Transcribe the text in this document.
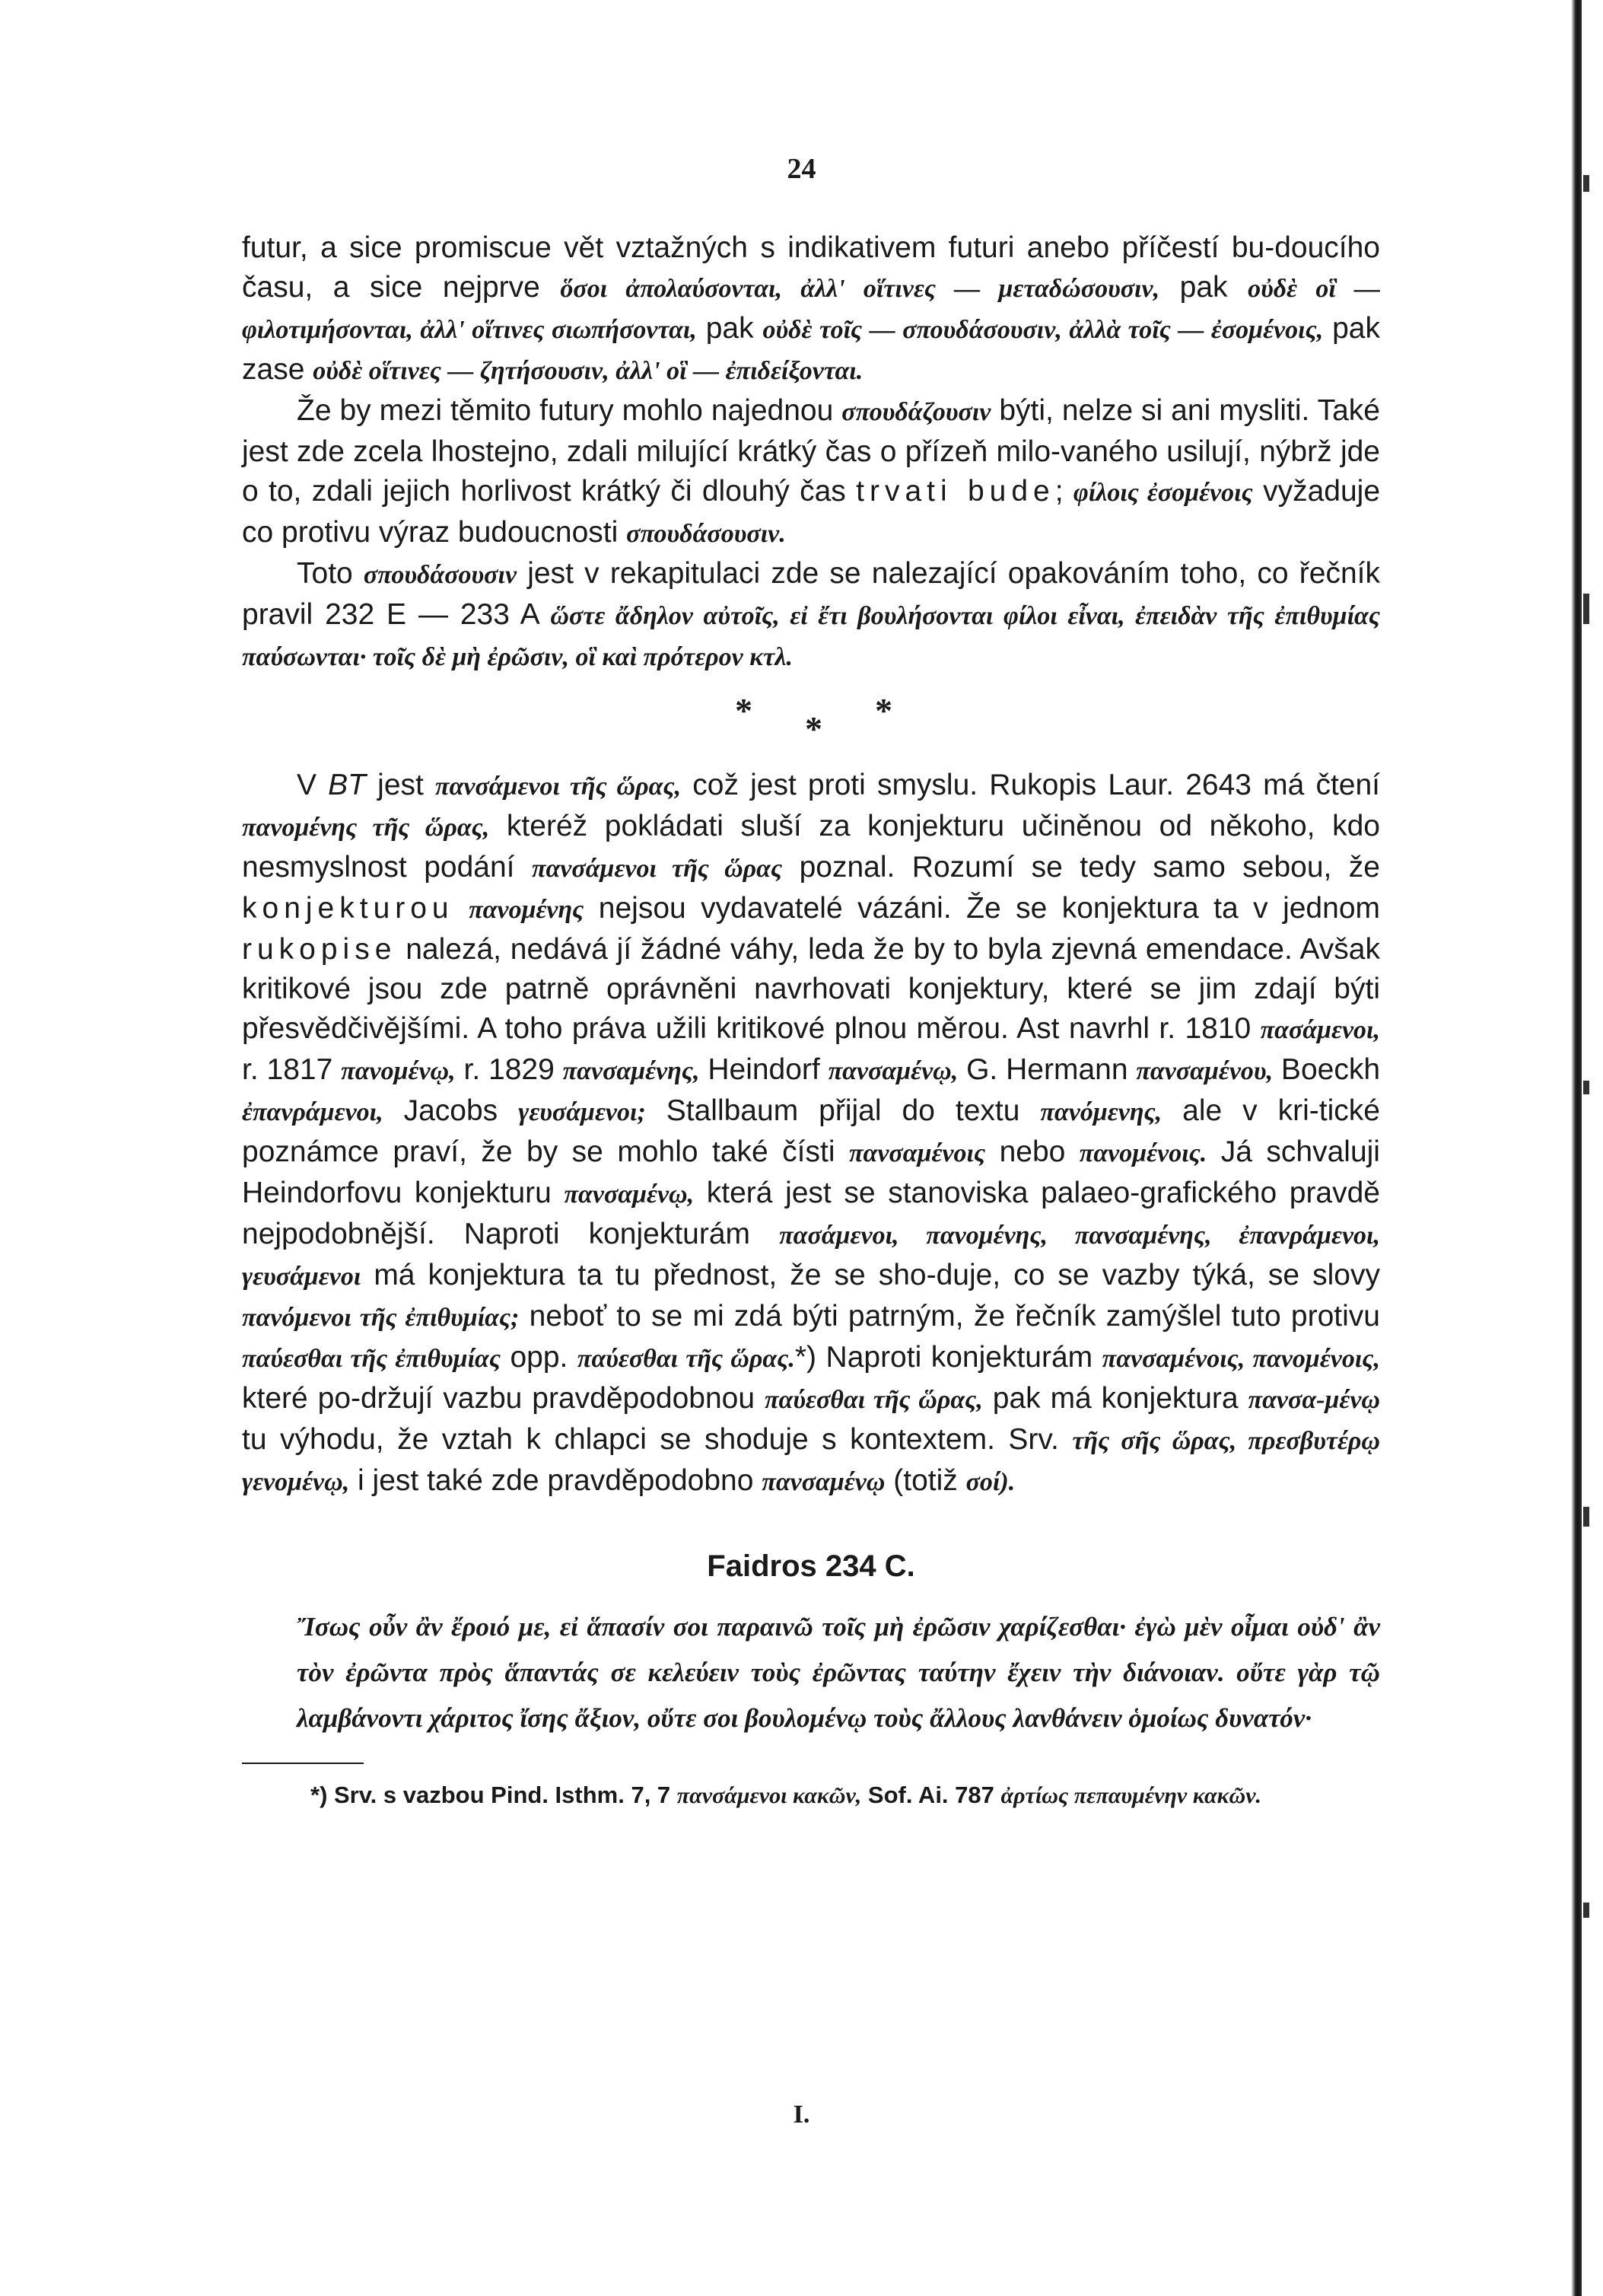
24

futur, a sice promiscue vět vztažných s indikativem futuri anebo příčestí bu-doucího času, a sice nejprve ὅσοι ἀπολαύσονται, ἀλλ' οἵτινες — μεταδώσουσιν, pak οὐδὲ οἳ — φιλοτιμήσονται, ἀλλ' οἵτινες σιωπήσονται, pak οὐδὲ τοῖς — σπουδάσουσιν, ἀλλὰ τοῖς — ἐσομένοις, pak zase οὐδὲ οἵτινες — ζητήσουσιν, ἀλλ' οἳ — ἐπιδείξονται.

Že by mezi těmito futury mohlo najednou σπουδάζουσιν býti, nelze si ani mysliti. Také jest zde zcela lhostejno, zdali milující krátký čas o přízeň milo-vaného usilují, nýbrž jde o to, zdali jejich horlivost krátký či dlouhý čas trvati bude; φίλοις ἐσομένοις vyžaduje co protivu výraz budoucnosti σπουδάσουσιν.

Toto σπουδάσουσιν jest v rekapitulaci zde se nalezající opakováním toho, co řečník pravil 232 E — 233 A ὥστε ἄδηλον αὐτοῖς, εἰ ἔτι βουλήσονται φίλοι εἶναι, ἐπειδὰν τῆς ἐπιθυμίας παύσωνται· τοῖς δὲ μὴ ἐρῶσιν, οἳ καὶ πρότερον κτλ.

* * *

V BT jest πανσάμενοι τῆς ὥρας, což jest proti smyslu. Rukopis Laur. 2643 má čtení πανομένης τῆς ὥρας, kteréž pokládati sluší za konjekturu učiněnou od někoho, kdo nesmyslnost podání πανσάμενοι τῆς ὥρας poznal. Rozumí se tedy samo sebou, že konjekturou πανομένης nejsou vydavatelé vázáni. Že se konjektura ta v jednom rukopise nalezá, nedává jí žádné váhy, leda že by to byla zjevná emendace. Avšak kritikové jsou zde patrně oprávněni navrhovati konjektury, které se jim zdají býti přesvědčivějšími. A toho práva užili kritikové plnou měrou. Ast navrhl r. 1810 πασάμενοι, r. 1817 πανομένῳ, r. 1829 πανσαμένης, Heindorf πανσαμένῳ, G. Hermann πανσαμένου, Boeckh ἐπανράμενοι, Jacobs γευσάμενοι; Stallbaum přijal do textu πανόμενης, ale v kri-tické poznámce praví, že by se mohlo také čísti πανσαμένοις nebo πανομένοις. Já schvaluji Heindorfovu konjekturu πανσαμένῳ, která jest se stanoviska palaeo-grafického pravdě nejpodobnější. Naproti konjekturám πασάμενοι, πανομένης, πανσαμένης, ἐπανράμενοι, γευσάμενοι má konjektura ta tu přednost, že se sho-duje, co se vazby týká, se slovy πανόμενοι τῆς ἐπιθυμίας; neboť to se mi zdá býti patrným, že řečník zamýšlel tuto protivu παύεσθαι τῆς ἐπιθυμίας opp. παύεσθαι τῆς ὥρας.*) Naproti konjekturám πανσαμένοις, πανομένοις, které po-držují vazbu pravděpodobnou παύεσθαι τῆς ὥρας, pak má konjektura πανσα-μένῳ tu výhodu, že vztah k chlapci se shoduje s kontextem. Srv. τῆς σῆς ὥρας, πρεσβυτέρῳ γενομένῳ, i jest také zde pravděpodobno πανσαμένῳ (totiž σοί).

Faidros 234 C.
Ἴσως οὖν ἂν ἔροιό με, εἰ ἅπασίν σοι παραινῶ τοῖς μὴ ἐρῶσιν χαρίζεσθαι· ἐγὼ μὲν οἶμαι οὐδ' ἂν τὸν ἐρῶντα πρὸς ἅπαντάς σε κελεύειν τοὺς ἐρῶντας ταύτην ἔχειν τὴν διάνοιαν. οὔτε γὰρ τῷ λαμβάνοντι χάριτος ἴσης ἄξιον, οὔτε σοι βουλομένῳ τοὺς ἄλλους λανθάνειν ὁμοίως δυνατόν·
*) Srv. s vazbou Pind. Isthm. 7, 7 πανσάμενοι κακῶν, Sof. Ai. 787 ἀρτίως πεπαυμένην κακῶν.
I.
